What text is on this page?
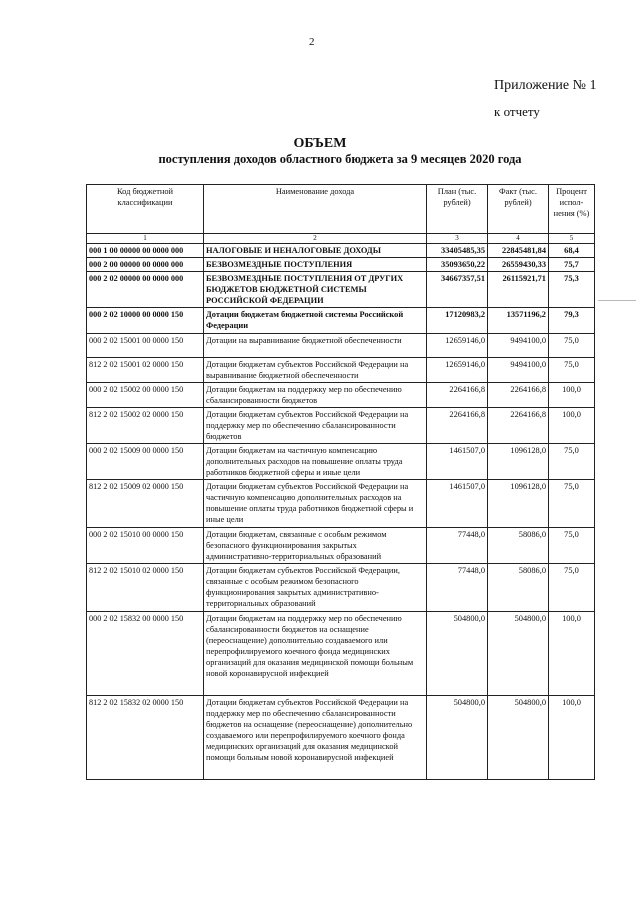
2
Приложение № 1
к отчету
ОБЪЕМ
поступления доходов областного бюджета за 9 месяцев 2020 года
Код бюджетной классификации	Наименование дохода	План (тыс. рублей)	Факт (тыс. рублей)	Процент испол-нения (%)
1	2	3	4	5
000 1 00 00000 00 0000 000	НАЛОГОВЫЕ И НЕНАЛОГОВЫЕ ДОХОДЫ	33405485,35	22845481,84	68,4
000 2 00 00000 00 0000 000	БЕЗВОЗМЕЗДНЫЕ ПОСТУПЛЕНИЯ	35093650,22	26559430,33	75,7
000 2 02 00000 00 0000 000	БЕЗВОЗМЕЗДНЫЕ ПОСТУПЛЕНИЯ ОТ ДРУГИХ БЮДЖЕТОВ БЮДЖЕТНОЙ СИСТЕМЫ РОССИЙСКОЙ ФЕДЕРАЦИИ	34667357,51	26115921,71	75,3
000 2 02 10000 00 0000 150	Дотации бюджетам бюджетной системы Российской Федерации	17120983,2	13571196,2	79,3
000 2 02 15001 00 0000 150	Дотации на выравнивание бюджетной обеспеченности	12659146,0	9494100,0	75,0
812 2 02 15001 02 0000 150	Дотации бюджетам субъектов Российской Федерации на выравнивание бюджетной обеспеченности	12659146,0	9494100,0	75,0
000 2 02 15002 00 0000 150	Дотации бюджетам на поддержку мер по обеспечению сбалансированности бюджетов	2264166,8	2264166,8	100,0
812 2 02 15002 02 0000 150	Дотации бюджетам субъектов Российской Федерации на поддержку мер по обеспечению сбалансированности бюджетов	2264166,8	2264166,8	100,0
000 2 02 15009 00 0000 150	Дотации бюджетам на частичную компенсацию дополнительных расходов на повышение оплаты труда работников бюджетной сферы и иные цели	1461507,0	1096128,0	75,0
812 2 02 15009 02 0000 150	Дотации бюджетам субъектов Российской Федерации на частичную компенсацию дополнительных расходов на повышение оплаты труда работников бюджетной сферы и иные цели	1461507,0	1096128,0	75,0
000 2 02 15010 00 0000 150	Дотации бюджетам, связанные с особым режимом безопасного функционирования закрытых административно-территориальных образований	77448,0	58086,0	75,0
812 2 02 15010 02 0000 150	Дотации бюджетам субъектов Российской Федерации, связанные с особым режимом безопасного функционирования закрытых административно-территориальных образований	77448,0	58086,0	75,0
000 2 02 15832 00 0000 150	Дотации бюджетам на поддержку мер по обеспечению сбалансированности бюджетов на оснащение (переоснащение) дополнительно создаваемого или перепрофилируемого коечного фонда медицинских организаций для оказания медицинской помощи больным новой коронавирусной инфекцией	504800,0	504800,0	100,0
812 2 02 15832 02 0000 150	Дотации бюджетам субъектов Российской Федерации на поддержку мер по обеспечению сбалансированности бюджетов на оснащение (переоснащение) дополнительно создаваемого или перепрофилируемого коечного фонда медицинских организаций для оказания медицинской помощи больным новой коронавирусной инфекцией	504800,0	504800,0	100,0
